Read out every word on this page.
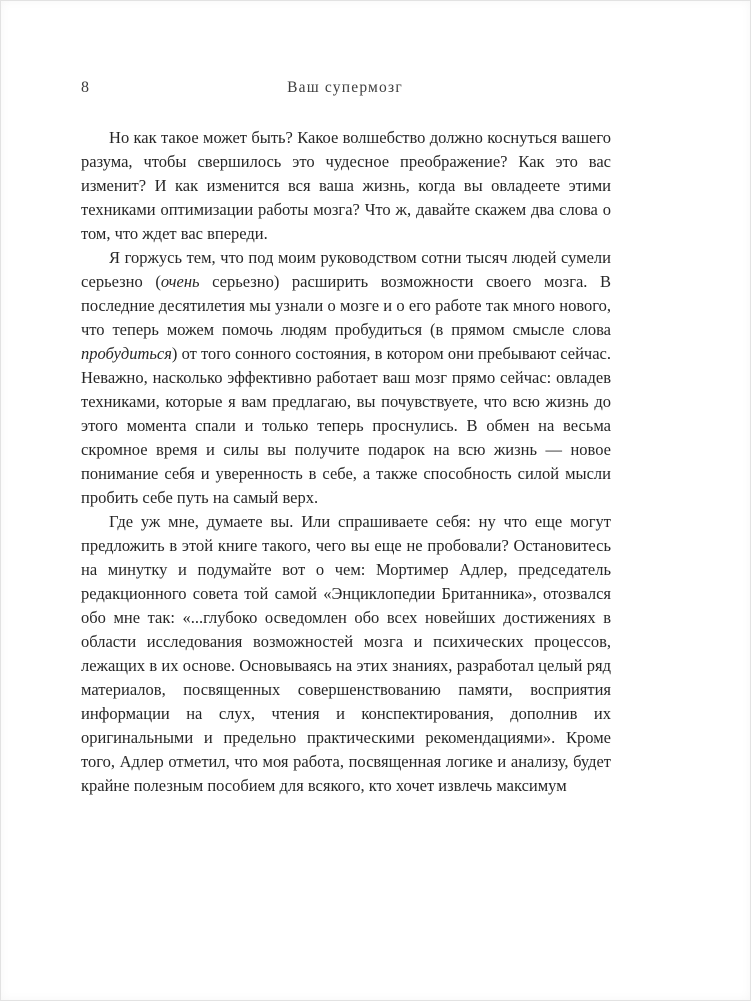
8	Ваш супермозг

Но как такое может быть? Какое волшебство должно коснуться вашего разума, чтобы свершилось это чудесное преображение? Как это вас изменит? И как изменится вся ваша жизнь, когда вы овладеете этими техниками оптимизации работы мозга? Что ж, давайте скажем два слова о том, что ждет вас впереди.

Я горжусь тем, что под моим руководством сотни тысяч людей сумели серьезно (очень серьезно) расширить возможности своего мозга. В последние десятилетия мы узнали о мозге и о его работе так много нового, что теперь можем помочь людям пробудиться (в прямом смысле слова пробудиться) от того сонного состояния, в котором они пребывают сейчас. Неважно, насколько эффективно работает ваш мозг прямо сейчас: овладев техниками, которые я вам предлагаю, вы почувствуете, что всю жизнь до этого момента спали и только теперь проснулись. В обмен на весьма скромное время и силы вы получите подарок на всю жизнь — новое понимание себя и уверенность в себе, а также способность силой мысли пробить себе путь на самый верх.

Где уж мне, думаете вы. Или спрашиваете себя: ну что еще могут предложить в этой книге такого, чего вы еще не пробовали? Остановитесь на минутку и подумайте вот о чем: Мортимер Адлер, председатель редакционного совета той самой «Энциклопедии Британника», отозвался обо мне так: «...глубоко осведомлен обо всех новейших достижениях в области исследования возможностей мозга и психических процессов, лежащих в их основе. Основываясь на этих знаниях, разработал целый ряд материалов, посвященных совершенствованию памяти, восприятия информации на слух, чтения и конспектирования, дополнив их оригинальными и предельно практическими рекомендациями». Кроме того, Адлер отметил, что моя работа, посвященная логике и анализу, будет крайне полезным пособием для всякого, кто хочет извлечь максимум
